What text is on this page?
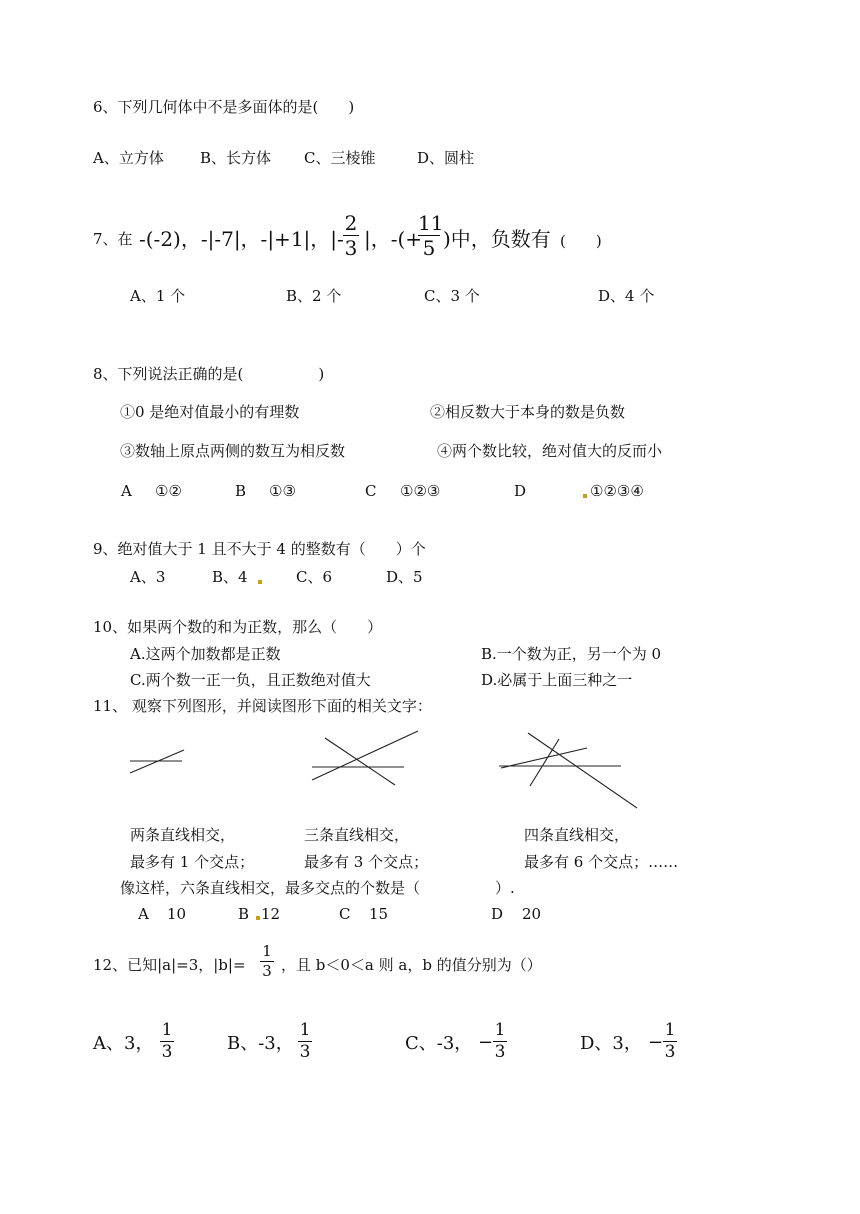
6、下列几何体中不是多面体的是(　　)
A、立方体 B、长方体 C、三棱锥	D、圆柱
7、在 -(-2)，-|-7|，-|+1|，|-
2
3 |，-(+
11
5 )中，负数有 (　　)
A、1 个	B、2 个	C、3 个	D、4 个
8、下列说法正确的是(　　　　　)
①0 是绝对值最小的有理数	②相反数大于本身的数是负数
③数轴上原点两侧的数互为相反数	④两个数比较，绝对值大的反而小
A ①②	B ①③	C ①②③	D	①②③④
9、绝对值大于 1 且不大于 4 的整数有（　　）个
A、3	B、4	C、6	D、5
10、如果两个数的和为正数，那么（　　）
A.这两个加数都是正数	B.一个数为正，另一个为 0
C.两个数一正一负，且正数绝对值大	D.必属于上面三种之一
11、 观察下列图形，并阅读图形下面的相关文字：
两条直线相交，
最多有 1 个交点；
三条直线相交，
最多有 3 个交点；
四条直线相交，
最多有 6 个交点；……
像这样，六条直线相交，最多交点的个数是（　　　　　）.
A 10	B 12	C 15	D 20
12、已知|a|=3，|b|=
1
3 ，且 b＜0＜a 则 a，b 的值分别为（）
A、3，
1
3	B、-3，
1
3	C、-3， −
1
3	D、3， −
1
3
